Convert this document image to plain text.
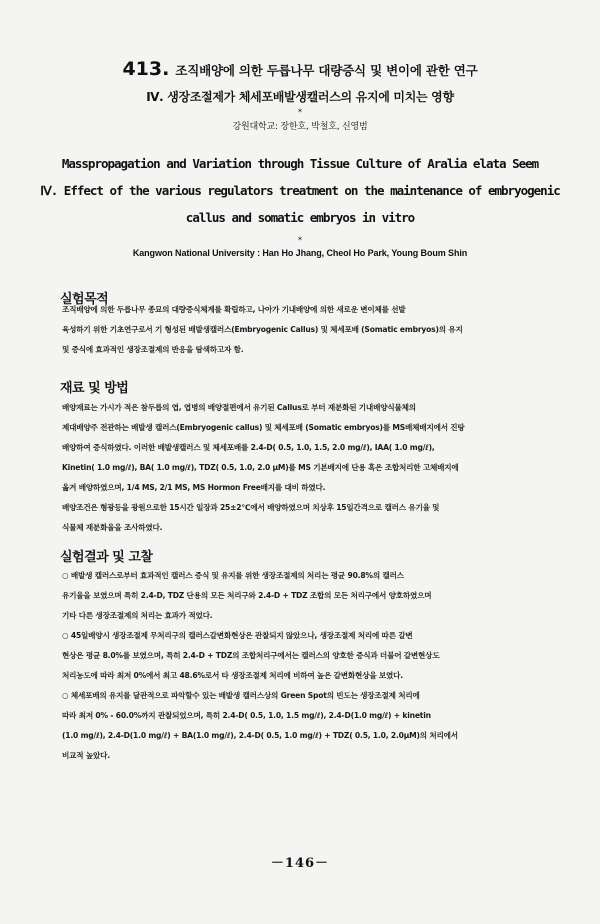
413. 조직배양에 의한 두릅나무 대량증식 및 변이에 관한 연구
Ⅳ. 생장조절제가 체세포배발생캘러스의 유지에 미치는 영향
*
강원대학교: 장한호, 박철호, 신영범
Masspropagation and Variation through Tissue Culture of Aralia elata Seem
Ⅳ. Effect of the various regulators treatment on the maintenance of embryogenic
callus and somatic embryos in vitro
*
Kangwon National University : Han Ho Jhang, Cheol Ho Park, Young Boum Shin
실험목적
조직배양에 의한 두릅나무 종묘의 대량증식체계를 확립하고, 나아가 기내배양에 의한 새로운 변이체를 선발
육성하기 위한 기초연구로서 기 형성된 배발생캘러스(Embryogenic Callus) 및 체세포배 (Somatic embryos)의 유지
및 증식에 효과적인 생장조절제의 반응을 탐색하고자 함.
재료 및 방법
배양재료는 가시가 적은 참두릅의 엽, 엽병의 배양절편에서 유기된 Callus로 부터 재분화된 기내배양식물체의
제대배양주 전관하는 배발생 캘러스(Embryogenic callus) 및 체세포배 (Somatic embryos)를 MS배체배지에서 진탕
배양하여 증식하였다. 이러한 배발생캘러스 및 체세포배를 2.4-D( 0.5, 1.0, 1.5, 2.0 mg/ℓ), IAA( 1.0 mg/ℓ),
Kinetin( 1.0 mg/ℓ), BA( 1.0 mg/ℓ), TDZ( 0.5, 1.0, 2.0 μM)를 MS 기본배지에 단용 혹은 조합처리한 고체배지에
옮겨 배양하였으며, 1/4 MS, 2/1 MS, MS Hormon Free배지를 대비 하였다.
배양조건은 형광등을 광원으로한 15시간 일장과 25±2℃에서 배양하였으며 치상후 15일간격으로 캘러스 유기율 및
식물체 재분화율을 조사하였다.
실험결과 및 고찰
○ 배발생 캘러스로부터 효과적인 캘러스 증식 및 유지를 위한 생장조절제의 처리는 평균 90.8%의 캘러스
유기율을 보였으며 특히 2.4-D, TDZ 단용의 모든 처리구와 2.4-D + TDZ 조합의 모든 처리구에서 양호하였으며
기타 다른 생장조절제의 처리는 효과가 적었다.
○ 45일배양시 생장조절제 무처리구의 캘러스갈변화현상은 관찰되지 않았으나, 생장조절제 처리에 따른 갈변
현상은 평균 8.0%를 보였으며, 특히 2.4-D + TDZ의 조합처리구에서는 캘러스의 양호한 증식과 더불어 갈변현상도
처리농도에 따라 최저 0%에서 최고 48.6%로서 타 생장조절제 처리에 비하여 높은 갈변화현상을 보였다.
○ 체세포배의 유지를 달관적으로 파악할수 있는 배발생 캘러스상의 Green Spot의 빈도는 생장조절제 처리에
따라 최저 0% - 60.0%까지 관찰되었으며, 특히 2.4-D( 0.5, 1.0, 1.5 mg/ℓ), 2.4-D(1.0 mg/ℓ) + kinetin
(1.0 mg/ℓ), 2.4-D(1.0 mg/ℓ) + BA(1.0 mg/ℓ), 2.4-D( 0.5, 1.0 mg/ℓ) + TDZ( 0.5, 1.0, 2.0μM)의 처리에서
비교적 높았다.
－146－
